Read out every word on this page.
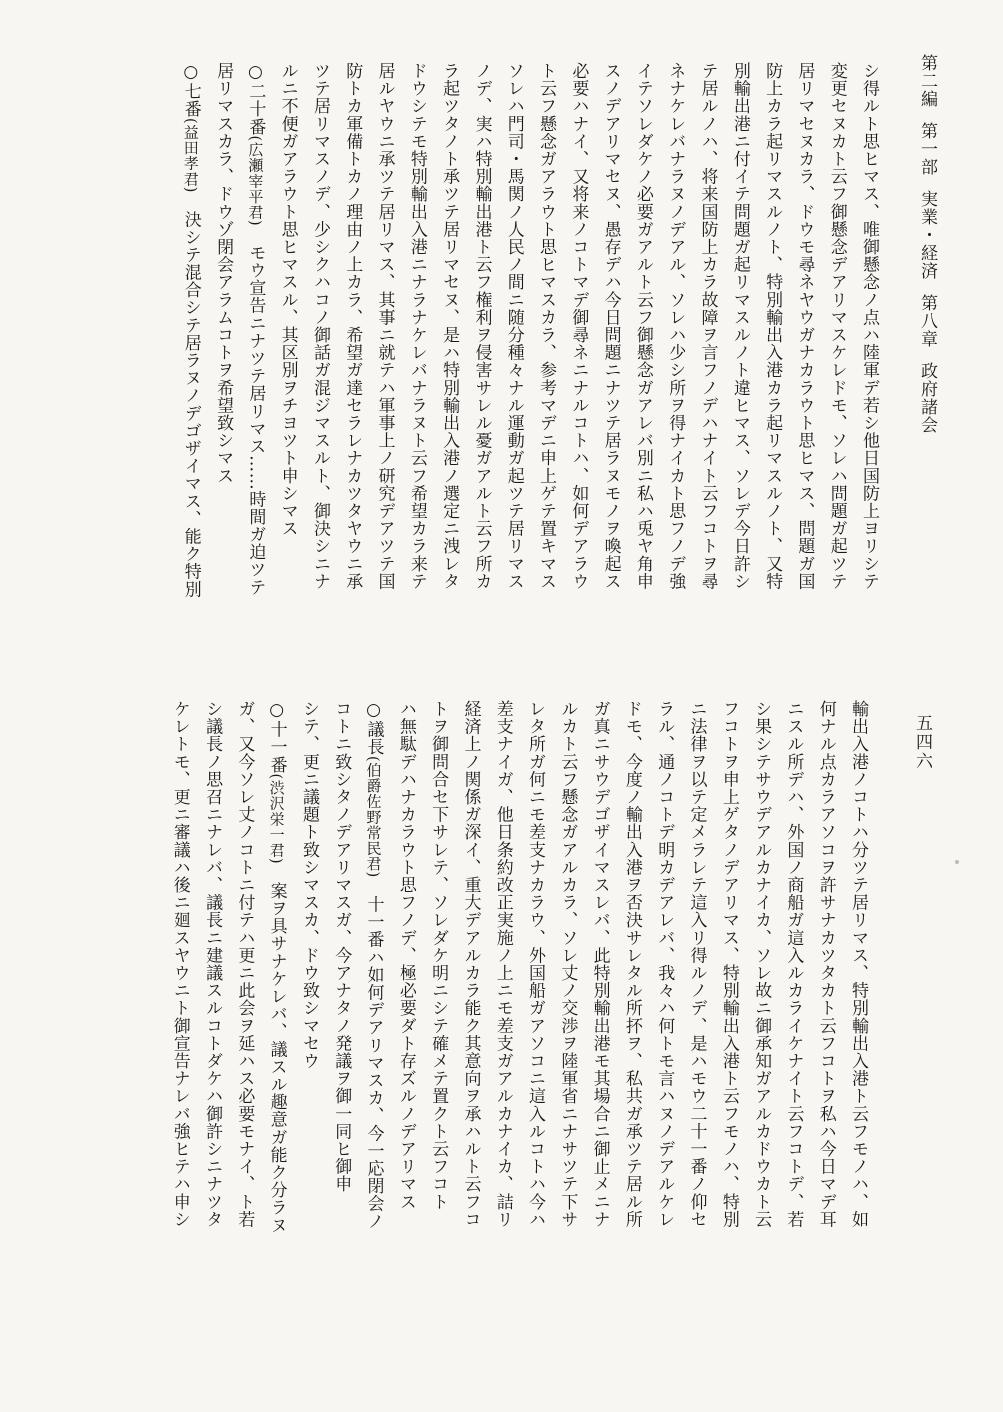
第二編
第一部
実業・経済
第八章
政府諸会
五四六
シ得ルト思ヒマス、唯御懸念ノ点ハ陸軍デ若シ他日国防上ヨリシテ
変更セヌカト云フ御懸念デアリマスケレドモ、ソレハ問題ガ起ツテ
居リマセヌカラ、ドウモ尋ネヤウガナカラウト思ヒマス、問題ガ国
防上カラ起リマスルノト、特別輸出入港カラ起リマスルノト、又特
別輸出港ニ付イテ問題ガ起リマスルノト違ヒマス、ソレデ今日許シ
テ居ルノハ、将来国防上カラ故障ヲ言フノデハナイト云フコトヲ尋
ネナケレバナラヌノデアル、ソレハ少シ所ヲ得ナイカト思フノデ強
イテソレダケノ必要ガアルト云フ御懸念ガアレバ別ニ私ハ兎ヤ角申
スノデアリマセヌ、愚存デハ今日問題ニナツテ居ラヌモノヲ喚起ス
必要ハナイ、又将来ノコトマデ御尋ネニナルコトハ、如何デアラウ
ト云フ懸念ガアラウト思ヒマスカラ、参考マデニ申上ゲテ置キマス
ソレハ門司・馬関ノ人民ノ間ニ随分種々ナル運動ガ起ツテ居リマス
ノデ、実ハ特別輸出港ト云フ権利ヲ侵害サレル憂ガアルト云フ所カ
ラ起ツタノト承ツテ居リマセヌ、是ハ特別輸出入港ノ選定ニ洩レタ
ドウシテモ特別輸出入港ニナラナケレバナラヌト云フ希望カラ来テ
居ルヤウニ承ツテ居リマス、其事ニ就テハ軍事上ノ研究デアツテ国
防トカ軍備トカノ理由ノ上カラ、希望ガ達セラレナカツタヤウニ承
ツテ居リマスノデ、少シクハコノ御話ガ混ジマスルト、御決シニナ
ルニ不便ガアラウト思ヒマスル、其区別ヲチヨツト申シマス
○二十番(広瀬宰平君)　モウ宣告ニナツテ居リマス……時間ガ迫ツテ
居リマスカラ、ドウゾ閉会アラムコトヲ希望致シマス
○七番(益田孝君)　決シテ混合シテ居ラヌノデゴザイマス、能ク特別
輸出入港ノコトハ分ツテ居リマス、特別輸出入港ト云フモノハ、如
何ナル点カラアソコヲ許サナカツタカト云フコトヲ私ハ今日マデ耳
ニスル所デハ、外国ノ商船ガ這入ルカライケナイト云フコトデ、若
シ果シテサウデアルカナイカ、ソレ故ニ御承知ガアルカドウカト云
フコトヲ申上ゲタノデアリマス、特別輸出入港ト云フモノハ、特別
ニ法律ヲ以テ定メラレテ這入リ得ルノデ、是ハモウ二十一番ノ仰セ
ラル、通ノコトデ明カデアレバ、我々ハ何トモ言ハヌノデアルケレ
ドモ、今度ノ輸出入港ヲ否決サレタル所抔ヲ、私共ガ承ツテ居ル所
ガ真ニサウデゴザイマスレバ、此特別輸出港モ其場合ニ御止メニナ
ルカト云フ懸念ガアルカラ、ソレ丈ノ交渉ヲ陸軍省ニナサツテ下サ
レタ所ガ何ニモ差支ナカラウ、外国船ガアソコニ這入ルコトハ今ハ
差支ナイガ、他日条約改正実施ノ上ニモ差支ガアルカナイカ、詰リ
経済上ノ関係ガ深イ、重大デアルカラ能ク其意向ヲ承ハルト云フコ
トヲ御問合セ下サレテ、ソレダケ明ニシテ確メテ置クト云フコト
ハ無駄デハナカラウト思フノデ、極必要ダト存ズルノデアリマス
○議長(伯爵佐野常民君)　十一番ハ如何デアリマスカ、今一応閉会ノ
コトニ致シタノデアリマスガ、今アナタノ発議ヲ御一同ヒ御申
シテ、更ニ議題ト致シマスカ、ドウ致シマセウ
○十一番(渋沢栄一君)　案ヲ具サナケレバ、議スル趣意ガ能ク分ラヌ
ガ、又今ソレ丈ノコトニ付テハ更ニ此会ヲ延ハス必要モナイ、ト若
シ議長ノ思召ニナレバ、議長ニ建議スルコトダケハ御許シニナツタ
ケレトモ、更ニ審議ハ後ニ廻スヤウニト御宣告ナレバ強ヒテハ申シ
